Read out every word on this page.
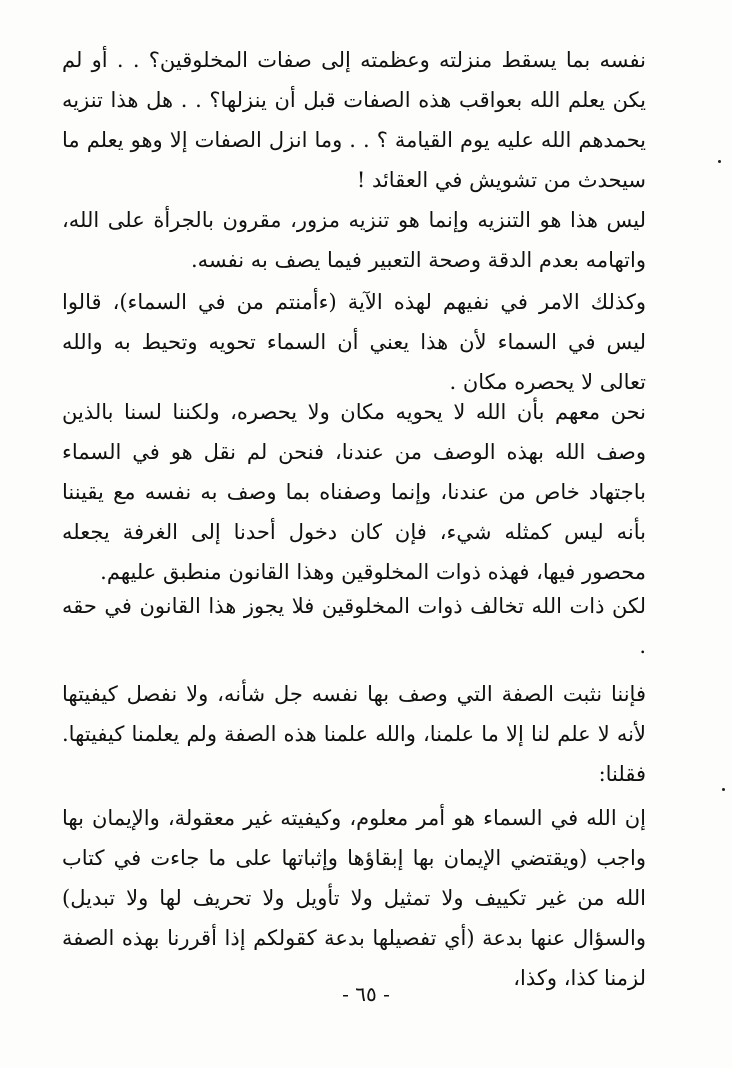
نفسه بما يسقط منزلته وعظمته إلى صفات المخلوقين؟ . . أو لم يكن يعلم الله بعواقب هذه الصفات قبل أن ينزلها؟ . . هل هذا تنزيه يحمدهم الله عليه يوم القيامة ؟ . . وما انزل الصفات إلا وهو يعلم ما سيحدث من تشويش في العقائد !

ليس هذا هو التنزيه وإنما هو تنزيه مزور، مقرون بالجرأة على الله، واتهامه بعدم الدقة وصحة التعبير فيما يصف به نفسه.

وكذلك الامر في نفيهم لهذه الآية (ءأمنتم من في السماء)، قالوا ليس في السماء لأن هذا يعني أن السماء تحويه وتحيط به والله تعالى لا يحصره مكان .

نحن معهم بأن الله لا يحويه مكان ولا يحصره، ولكننا لسنا بالذين وصف الله بهذه الوصف من عندنا، فنحن لم نقل هو في السماء باجتهاد خاص من عندنا، وإنما وصفناه بما وصف به نفسه مع يقيننا بأنه ليس كمثله شيء، فإن كان دخول أحدنا إلى الغرفة يجعله محصور فيها، فهذه ذوات المخلوقين وهذا القانون منطبق عليهم.

لكن ذات الله تخالف ذوات المخلوقين فلا يجوز هذا القانون في حقه .

فإننا نثبت الصفة التي وصف بها نفسه جل شأنه، ولا نفصل كيفيتها لأنه لا علم لنا إلا ما علمنا، والله علمنا هذه الصفة ولم يعلمنا كيفيتها. فقلنا:

إن الله في السماء هو أمر معلوم، وكيفيته غير معقولة، والإيمان بها واجب (ويقتضي الإيمان بها إبقاؤها وإثباتها على ما جاءت في كتاب الله من غير تكييف ولا تمثيل ولا تأويل ولا تحريف لها ولا تبديل) والسؤال عنها بدعة (أي تفصيلها بدعة كقولكم إذا أقررنا بهذه الصفة لزمنا كذا، وكذا،

- ٦٥ -
